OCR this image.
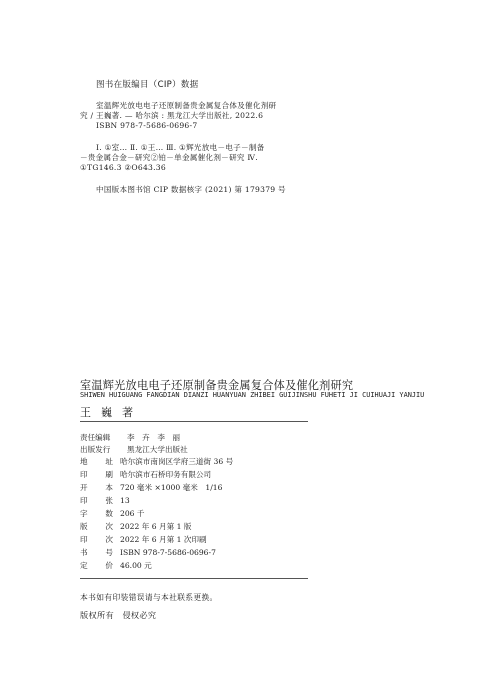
图书在版编目（CIP）数据
室温辉光放电电子还原制备贵金属复合体及催化剂研
究 / 王巍著. — 哈尔滨 : 黑龙江大学出版社, 2022.6
ISBN 978-7-5686-0696-7
Ⅰ. ①室… Ⅱ. ①王… Ⅲ. ①辉光放电－电子－制备
－贵金属合金－研究②铂－单金属催化剂－研究 Ⅳ.
①TG146.3 ②O643.36
中国版本图书馆 CIP 数据核字 (2021) 第 179379 号
室温辉光放电电子还原制备贵金属复合体及催化剂研究
SHIWEN HUIGUANG FANGDIAN DIANZI HUANYUAN ZHIBEI GUIJINSHU FUHETI JI CUIHUAJI YANJIU
王 巍 著
责任编辑	李　卉　李　丽
出版发行	黑龙江大学出版社
地 址 哈尔滨市南岗区学府三道街 36 号
印 刷 哈尔滨市石桥印务有限公司
开 本 720 毫米 ×1000 毫米　1/16
印 张 13
字 数 206 千
版 次 2022 年 6 月第 1 版
印 次 2022 年 6 月第 1 次印刷
书 号 ISBN 978-7-5686-0696-7
定 价 46.00 元
本书如有印装错误请与本社联系更换。
版权所有　侵权必究
